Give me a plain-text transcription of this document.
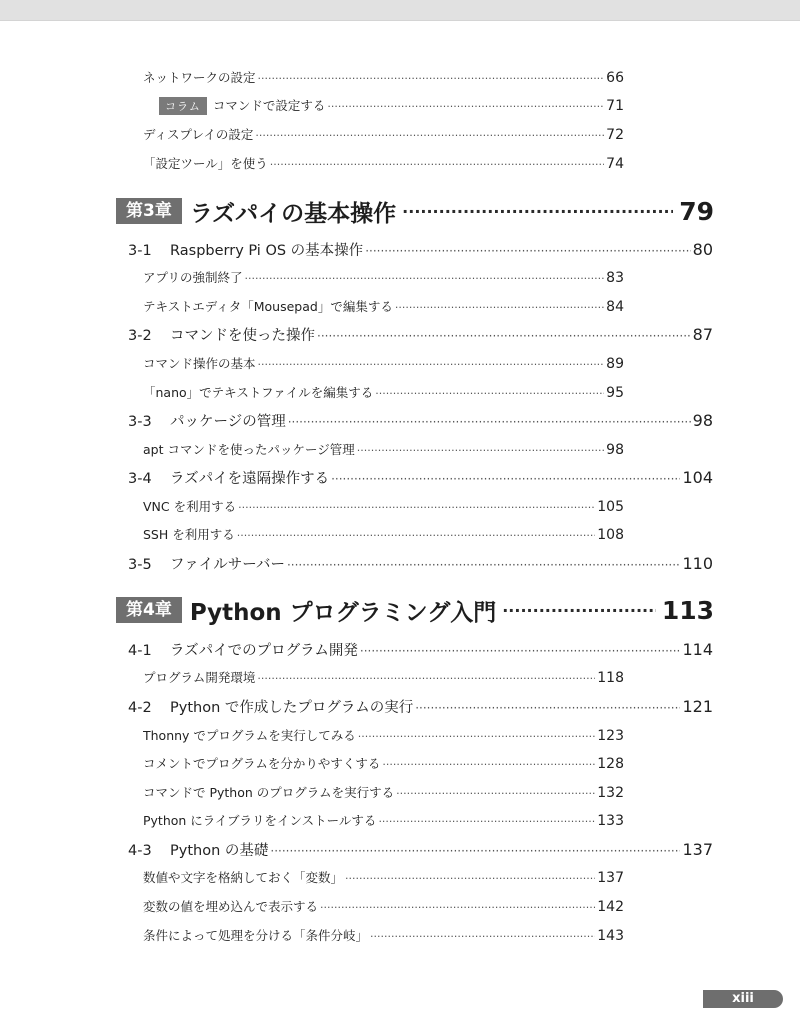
ネットワークの設定 ·····	66
コラム コマンドで設定する ·····	71
ディスプレイの設定 ·····	72
「設定ツール」を使う ·····	74
第3章 ラズパイの基本操作 ·····	79
3-1 Raspberry Pi OS の基本操作 ·····	80
アプリの強制終了 ·····	83
テキストエディタ「Mousepad」で編集する ·····	84
3-2 コマンドを使った操作 ·····	87
コマンド操作の基本 ·····	89
「nano」でテキストファイルを編集する ·····	95
3-3 パッケージの管理 ·····	98
apt コマンドを使ったパッケージ管理 ·····	98
3-4 ラズパイを遠隔操作する ·····	104
VNC を利用する ·····	105
SSH を利用する ·····	108
3-5 ファイルサーバー ·····	110
第4章 Python プログラミング入門 ·····	113
4-1 ラズパイでのプログラム開発 ·····	114
プログラム開発環境 ·····	118
4-2 Python で作成したプログラムの実行 ·····	121
Thonny でプログラムを実行してみる ·····	123
コメントでプログラムを分かりやすくする ·····	128
コマンドで Python のプログラムを実行する ·····	132
Python にライブラリをインストールする ·····	133
4-3 Python の基礎 ·····	137
数値や文字を格納しておく「変数」 ·····	137
変数の値を埋め込んで表示する ·····	142
条件によって処理を分ける「条件分岐」 ·····	143
xiii
